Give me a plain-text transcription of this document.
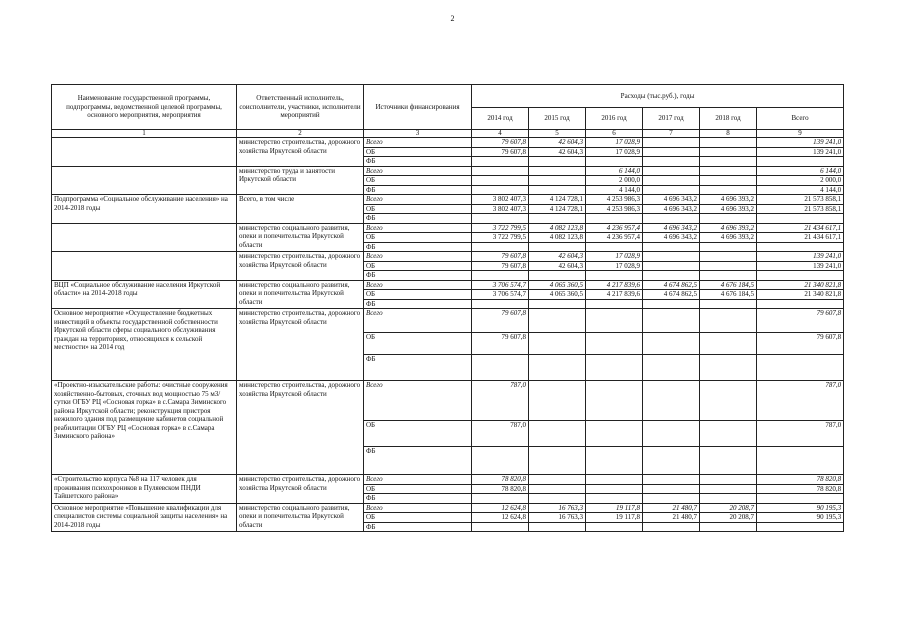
2
Наименование государственной программы, подпрограммы, ведомственной целевой программы, основного мероприятия, мероприятия	Ответственный исполнитель, соисполнители, участники, исполнители мероприятий	Источники финансирования	Расходы (тыс.руб.), годы					
			2014 год	2015 год	2016 год	2017 год	2018 год	Всего
1	2	3	4	5	6	7	8	9
	министерство строительства, дорожного хозяйства Иркутской области	Всего	79 607,8	42 604,3	17 028,9			139 241,0
		ОБ	79 607,8	42 604,3	17 028,9			139 241,0
		ФБ						
	министерство труда и занятости Иркутской области	Всего			6 144,0			6 144,0
		ОБ			2 000,0			2 000,0
		ФБ			4 144,0			4 144,0
Подпрограмма «Социальное обслуживание населения» на 2014-2018 годы	Всего, в том числе	Всего	3 802 407,3	4 124 728,1	4 253 986,3	4 696 343,2	4 696 393,2	21 573 858,1
		ОБ	3 802 407,3	4 124 728,1	4 253 986,3	4 696 343,2	4 696 393,2	21 573 858,1
		ФБ						
	министерство социального развития, опеки и попечительства Иркутской области	Всего	3 722 799,5	4 082 123,8	4 236 957,4	4 696 343,2	4 696 393,2	21 434 617,1
		ОБ	3 722 799,5	4 082 123,8	4 236 957,4	4 696 343,2	4 696 393,2	21 434 617,1
		ФБ						
	министерство строительства, дорожного хозяйства Иркутской области	Всего	79 607,8	42 604,3	17 028,9			139 241,0
		ОБ	79 607,8	42 604,3	17 028,9			139 241,0
		ФБ						
ВЦП «Социальное обслуживание населения Иркутской области» на 2014-2018 годы	министерство социального развития, опеки и попечительства Иркутской области	Всего	3 706 574,7	4 065 360,5	4 217 839,6	4 674 862,5	4 676 184,5	21 340 821,8
		ОБ	3 706 574,7	4 065 360,5	4 217 839,6	4 674 862,5	4 676 184,5	21 340 821,8
		ФБ						
Основное мероприятие «Осуществление бюджетных инвестиций в объекты государственной собственности Иркутской области сферы социального обслуживания граждан на территориях, относящихся к сельской местности» на 2014 год	министерство строительства, дорожного хозяйства Иркутской области	Всего	79 607,8					79 607,8
		ОБ	79 607,8					79 607,8
		ФБ						
«Проектно-изыскательские работы: очистные сооружения хозяйственно-бытовых, сточных вод мощностью 75 м3/сутки ОГБУ РЦ «Сосновая горка» в с.Самара Зиминского района Иркутской области; реконструкция пристроя нежилого здания под размещение кабинетов социальной реабилитации ОГБУ РЦ «Сосновая горка» в с.Самара Зиминского района»	министерство строительства, дорожного хозяйства Иркутской области	Всего	787,0					787,0
		ОБ	787,0					787,0
		ФБ						
«Строительство корпуса №8 на 117 человек для проживания психохроников в Пуляевском ПНДИ Тайшетского района»	министерство строительства, дорожного хозяйства Иркутской области	Всего	78 820,8					78 820,8
		ОБ	78 820,8					78 820,8
		ФБ						
Основное мероприятие «Повышение квалификации для специалистов системы социальной защиты населения» на 2014-2018 годы	министерство социального развития, опеки и попечительства Иркутской области	Всего	12 624,8	16 763,3	19 117,8	21 480,7	20 208,7	90 195,3
		ОБ	12 624,8	16 763,3	19 117,8	21 480,7	20 208,7	90 195,3
		ФБ						
